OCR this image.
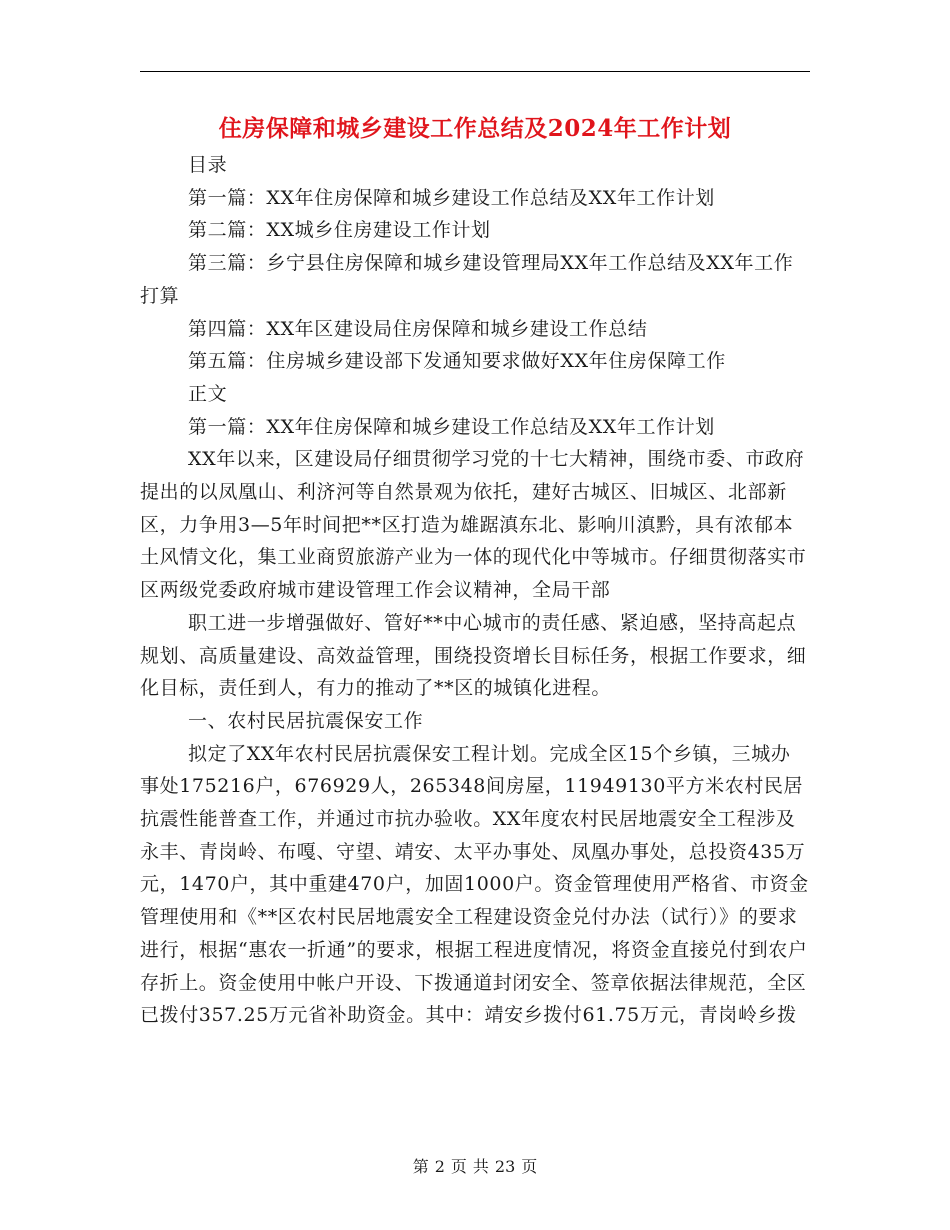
住房保障和城乡建设工作总结及2024年工作计划

目录

第一篇：XX年住房保障和城乡建设工作总结及XX年工作计划

第二篇：XX城乡住房建设工作计划

第三篇：乡宁县住房保障和城乡建设管理局XX年工作总结及XX年工作打算

第四篇：XX年区建设局住房保障和城乡建设工作总结

第五篇：住房城乡建设部下发通知要求做好XX年住房保障工作

正文

第一篇：XX年住房保障和城乡建设工作总结及XX年工作计划

XX年以来，区建设局仔细贯彻学习党的十七大精神，围绕市委、市政府提出的以凤凰山、利济河等自然景观为依托，建好古城区、旧城区、北部新区，力争用3—5年时间把**区打造为雄踞滇东北、影响川滇黔，具有浓郁本土风情文化，集工业商贸旅游产业为一体的现代化中等城市。仔细贯彻落实市区两级党委政府城市建设管理工作会议精神，全局干部

职工进一步增强做好、管好**中心城市的责任感、紧迫感，坚持高起点规划、高质量建设、高效益管理，围绕投资增长目标任务，根据工作要求，细化目标，责任到人，有力的推动了**区的城镇化进程。

一、农村民居抗震保安工作

拟定了XX年农村民居抗震保安工程计划。完成全区15个乡镇，三城办事处175216户，676929人，265348间房屋，11949130平方米农村民居抗震性能普查工作，并通过市抗办验收。XX年度农村民居地震安全工程涉及永丰、青岗岭、布嘎、守望、靖安、太平办事处、凤凰办事处，总投资435万元，1470户，其中重建470户，加固1000户。资金管理使用严格省、市资金管理使用和《**区农村民居地震安全工程建设资金兑付办法（试行）》的要求进行，根据“惠农一折通”的要求，根据工程进度情况，将资金直接兑付到农户存折上。资金使用中帐户开设、下拨通道封闭安全、签章依据法律规范，全区已拨付357.25万元省补助资金。其中：靖安乡拨付61.75万元，青岗岭乡拨

第 2 页 共 23 页
